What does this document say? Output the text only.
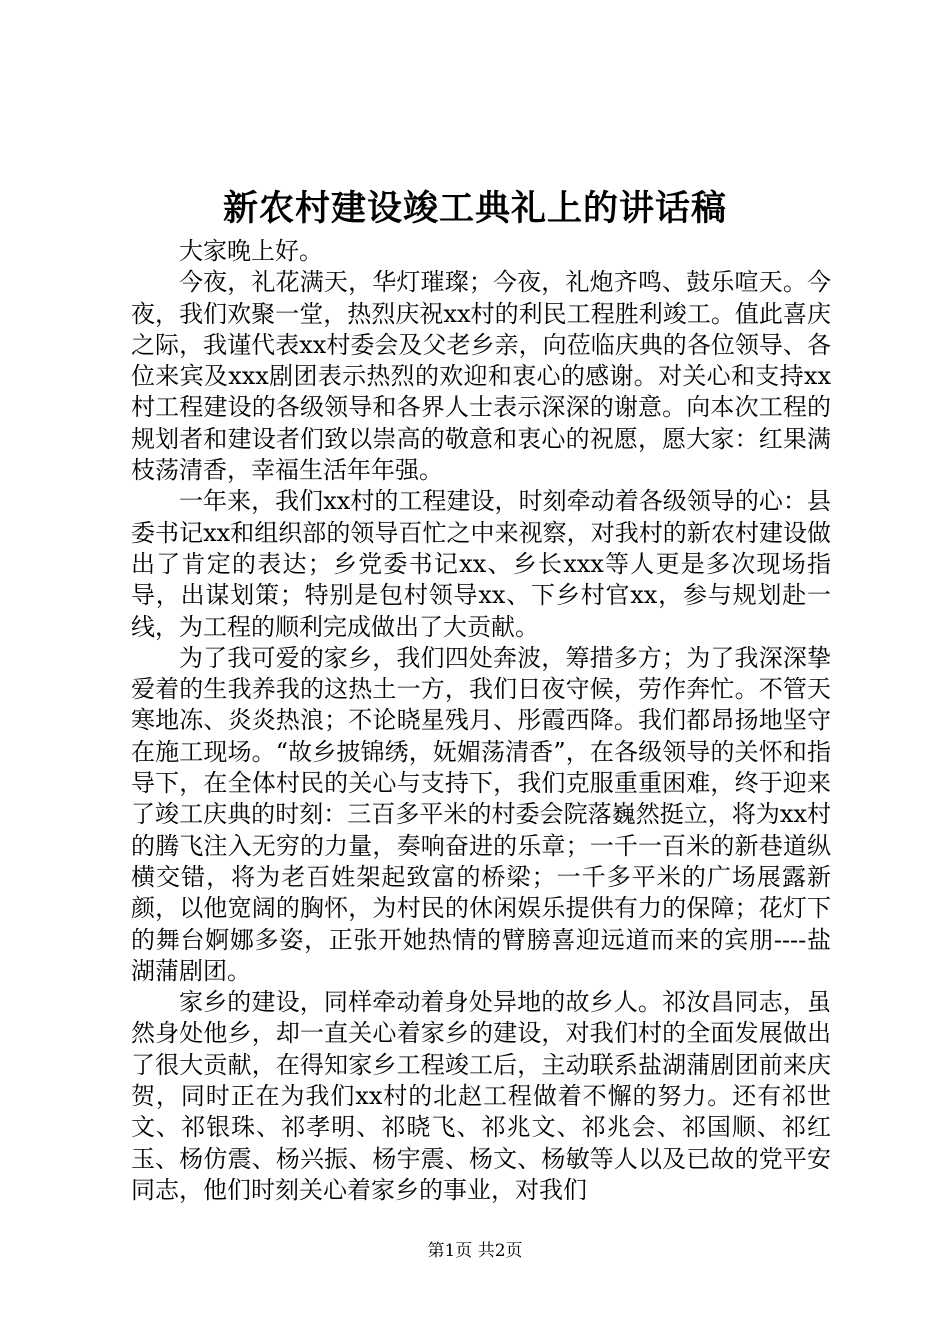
新农村建设竣工典礼上的讲话稿

大家晚上好。

今夜，礼花满天，华灯璀璨；今夜，礼炮齐鸣、鼓乐喧天。今夜，我们欢聚一堂，热烈庆祝xx村的利民工程胜利竣工。值此喜庆之际，我谨代表xx村委会及父老乡亲，向莅临庆典的各位领导、各位来宾及xxx剧团表示热烈的欢迎和衷心的感谢。对关心和支持xx村工程建设的各级领导和各界人士表示深深的谢意。向本次工程的规划者和建设者们致以崇高的敬意和衷心的祝愿，愿大家：红果满枝荡清香，幸福生活年年强。

一年来，我们xx村的工程建设，时刻牵动着各级领导的心：县委书记xx和组织部的领导百忙之中来视察，对我村的新农村建设做出了肯定的表达；乡党委书记xx、乡长xxx等人更是多次现场指导，出谋划策；特别是包村领导xx、下乡村官xx，参与规划赴一线，为工程的顺利完成做出了大贡献。

为了我可爱的家乡，我们四处奔波，筹措多方；为了我深深挚爱着的生我养我的这热土一方，我们日夜守候，劳作奔忙。不管天寒地冻、炎炎热浪；不论晓星残月、彤霞西降。我们都昂扬地坚守在施工现场。“故乡披锦绣，妩媚荡清香”，在各级领导的关怀和指导下，在全体村民的关心与支持下，我们克服重重困难，终于迎来了竣工庆典的时刻：三百多平米的村委会院落巍然挺立，将为xx村的腾飞注入无穷的力量，奏响奋进的乐章；一千一百米的新巷道纵横交错，将为老百姓架起致富的桥梁；一千多平米的广场展露新颜，以他宽阔的胸怀，为村民的休闲娱乐提供有力的保障；花灯下的舞台婀娜多姿，正张开她热情的臂膀喜迎远道而来的宾朋----盐湖蒲剧团。

家乡的建设，同样牵动着身处异地的故乡人。祁汝昌同志，虽然身处他乡，却一直关心着家乡的建设，对我们村的全面发展做出了很大贡献，在得知家乡工程竣工后，主动联系盐湖蒲剧团前来庆贺，同时正在为我们xx村的北赵工程做着不懈的努力。还有祁世文、祁银珠、祁孝明、祁晓飞、祁兆文、祁兆会、祁国顺、祁红玉、杨仿震、杨兴振、杨宇震、杨文、杨敏等人以及已故的党平安同志，他们时刻关心着家乡的事业，对我们

第1页 共2页
